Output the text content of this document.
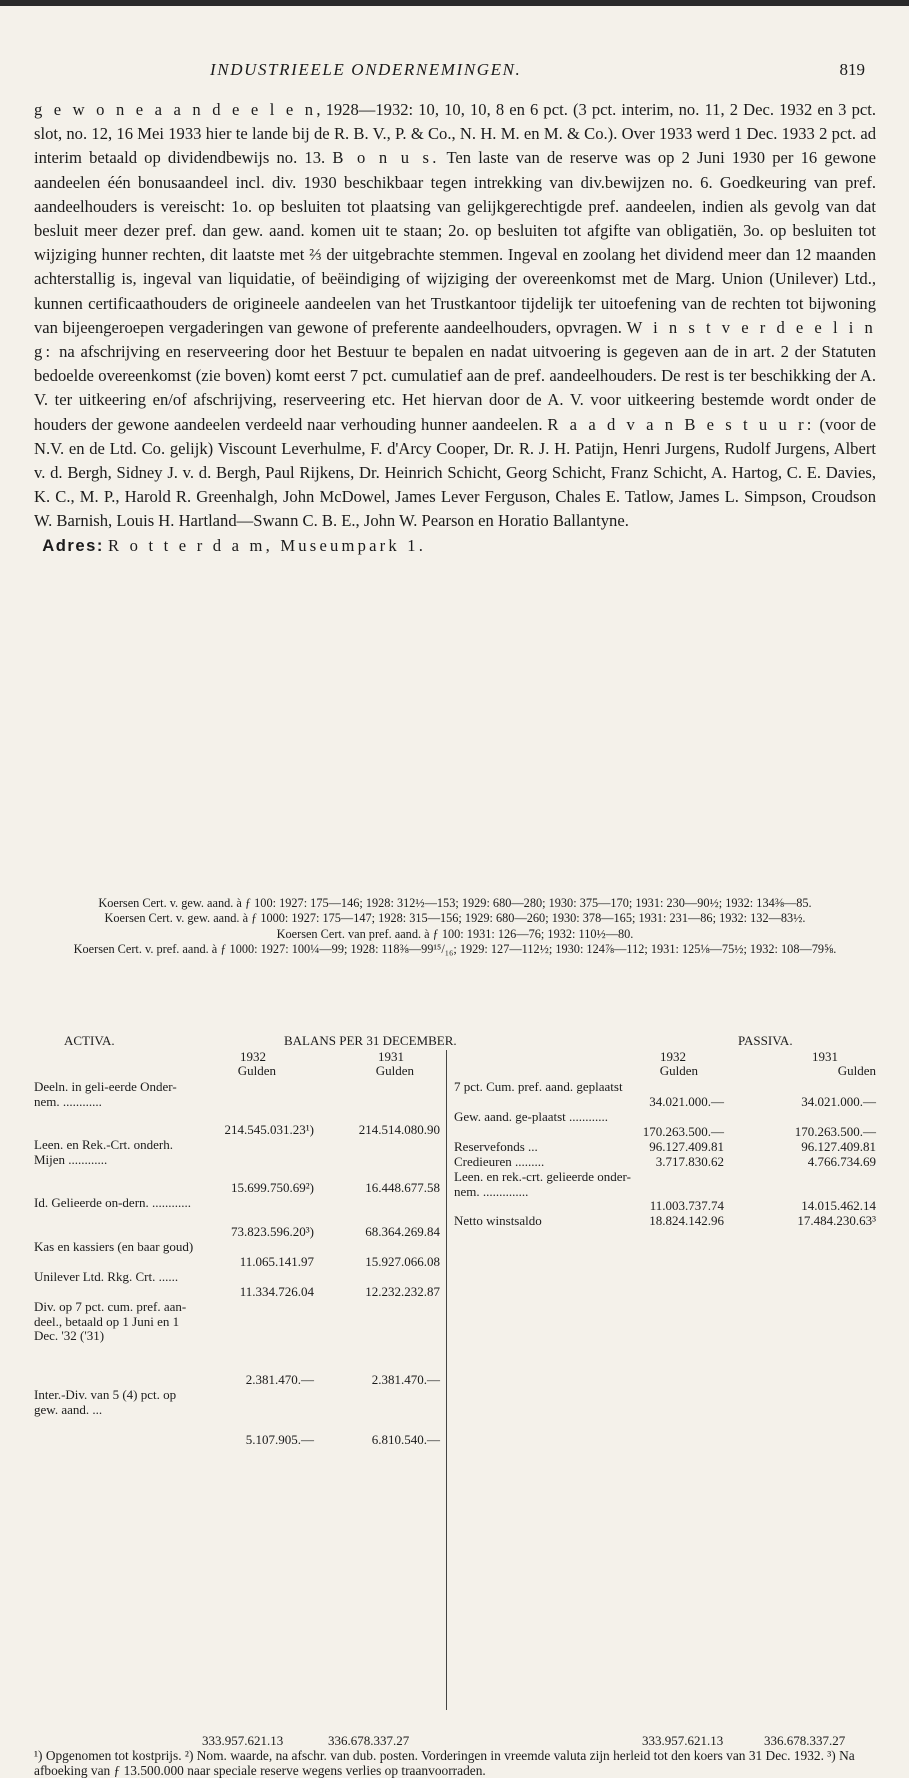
INDUSTRIEELE ONDERNEMINGEN.	819

g e w o n e a a n d e e l e n, 1928—1932: 10, 10, 10, 8 en 6 pct. (3 pct. interim, no. 11, 2 Dec. 1932 en 3 pct. slot, no. 12, 16 Mei 1933 hier te lande bij de R. B. V., P. & Co., N. H. M. en M. & Co.). Over 1933 werd 1 Dec. 1933 2 pct. ad interim betaald op dividendbewijs no. 13. B o n u s. Ten laste van de reserve was op 2 Juni 1930 per 16 gewone aandeelen één bonusaandeel incl. div. 1930 beschikbaar tegen intrekking van div.bewijzen no. 6. Goedkeuring van pref. aandeelhouders is vereischt: 1o. op besluiten tot plaatsing van gelijkgerechtigde pref. aandeelen, indien als gevolg van dat besluit meer dezer pref. dan gew. aand. komen uit te staan; 2o. op besluiten tot afgifte van obligatiën, 3o. op besluiten tot wijziging hunner rechten, dit laatste met ⅔ der uitgebrachte stemmen. Ingeval en zoolang het dividend meer dan 12 maanden achterstallig is, ingeval van liquidatie, of beëindiging of wijziging der overeenkomst met de Marg. Union (Unilever) Ltd., kunnen certificaathouders de origineele aandeelen van het Trustkantoor tijdelijk ter uitoefening van de rechten tot bijwoning van bijeengeroepen vergaderingen van gewone of preferente aandeelhouders, opvragen. W i n s t v e r d e e l i n g: na afschrijving en reserveering door het Bestuur te bepalen en nadat uitvoering is gegeven aan de in art. 2 der Statuten bedoelde overeenkomst (zie boven) komt eerst 7 pct. cumulatief aan de pref. aandeelhouders. De rest is ter beschikking der A. V. ter uitkeering en/of afschrijving, reserveering etc. Het hiervan door de A. V. voor uitkeering bestemde wordt onder de houders der gewone aandeelen verdeeld naar verhouding hunner aandeelen. R a a d v a n B e s t u u r: (voor de N.V. en de Ltd. Co. gelijk) Viscount Leverhulme, F. d'Arcy Cooper, Dr. R. J. H. Patijn, Henri Jurgens, Rudolf Jurgens, Albert v. d. Bergh, Sidney J. v. d. Bergh, Paul Rijkens, Dr. Heinrich Schicht, Georg Schicht, Franz Schicht, A. Hartog, C. E. Davies, K. C., M. P., Harold R. Greenhalgh, John McDowel, James Lever Ferguson, Chales E. Tatlow, James L. Simpson, Croudson W. Barnish, Louis H. Hartland—Swann C. B. E., John W. Pearson en Horatio Ballantyne.

Adres: R o t t e r d a m, Museumpark 1.

Koersen Cert. v. gew. aand. à ƒ 100: 1927: 175—146; 1928: 312½—153; 1929: 680—280; 1930: 375—170; 1931: 230—90½; 1932: 134⅜—85.

Koersen Cert. v. gew. aand. à ƒ 1000: 1927: 175—147; 1928: 315—156; 1929: 680—260; 1930: 378—165; 1931: 231—86; 1932: 132—83½.

Koersen Cert. van pref. aand. à ƒ 100: 1931: 126—76; 1932: 110½—80.

Koersen Cert. v. pref. aand. à ƒ 1000: 1927: 100¼—99; 1928: 118⅜—99¹⁵/₁₆; 1929: 127—112½; 1930: 124⅞—112; 1931: 125⅛—75½; 1932: 108—79⅝.

ACTIVA.	BALANS PER 31 DECEMBER.	PASSIVA.
1932	1931
Gulden	Gulden
Deeln. in geli-eerde Onder-nem. ............
214.545.031.23¹)	214.514.080.90
Leen. en Rek.-Crt. onderh. Mijen ............
15.699.750.69²)	16.448.677.58
Id. Gelieerde on-dern. ............
73.823.596.20³)	68.364.269.84
Kas en kassiers (en baar goud)
11.065.141.97	15.927.066.08
Unilever Ltd. Rkg. Crt. ......
11.334.726.04	12.232.232.87
Div. op 7 pct. cum. pref. aan-deel., betaald op 1 Juni en 1 Dec. '32 ('31)
2.381.470.—	2.381.470.—
Inter.-Div. van 5 (4) pct. op gew. aand. ...
5.107.905.—	6.810.540.—
1932	1931
Gulden	Gulden
7 pct. Cum. pref. aand. geplaatst
34.021.000.—	34.021.000.—
Gew. aand. ge-plaatst ............
170.263.500.—	170.263.500.—
Reservefonds ...	96.127.409.81	96.127.409.81
Credieuren .........	3.717.830.62	4.766.734.69
Leen. en rek.-crt. gelieerde onder-nem. ..............
11.003.737.74	14.015.462.14
Netto winstsaldo	18.824.142.96	17.484.230.63³
333.957.621.13	336.678.337.27	333.957.621.13	336.678.337.27

¹) Opgenomen tot kostprijs. ²) Nom. waarde, na afschr. van dub. posten. Vorderingen in vreemde valuta zijn herleid tot den koers van 31 Dec. 1932. ³) Na afboeking van ƒ 13.500.000 naar speciale reserve wegens verlies op traanvoorraden.
